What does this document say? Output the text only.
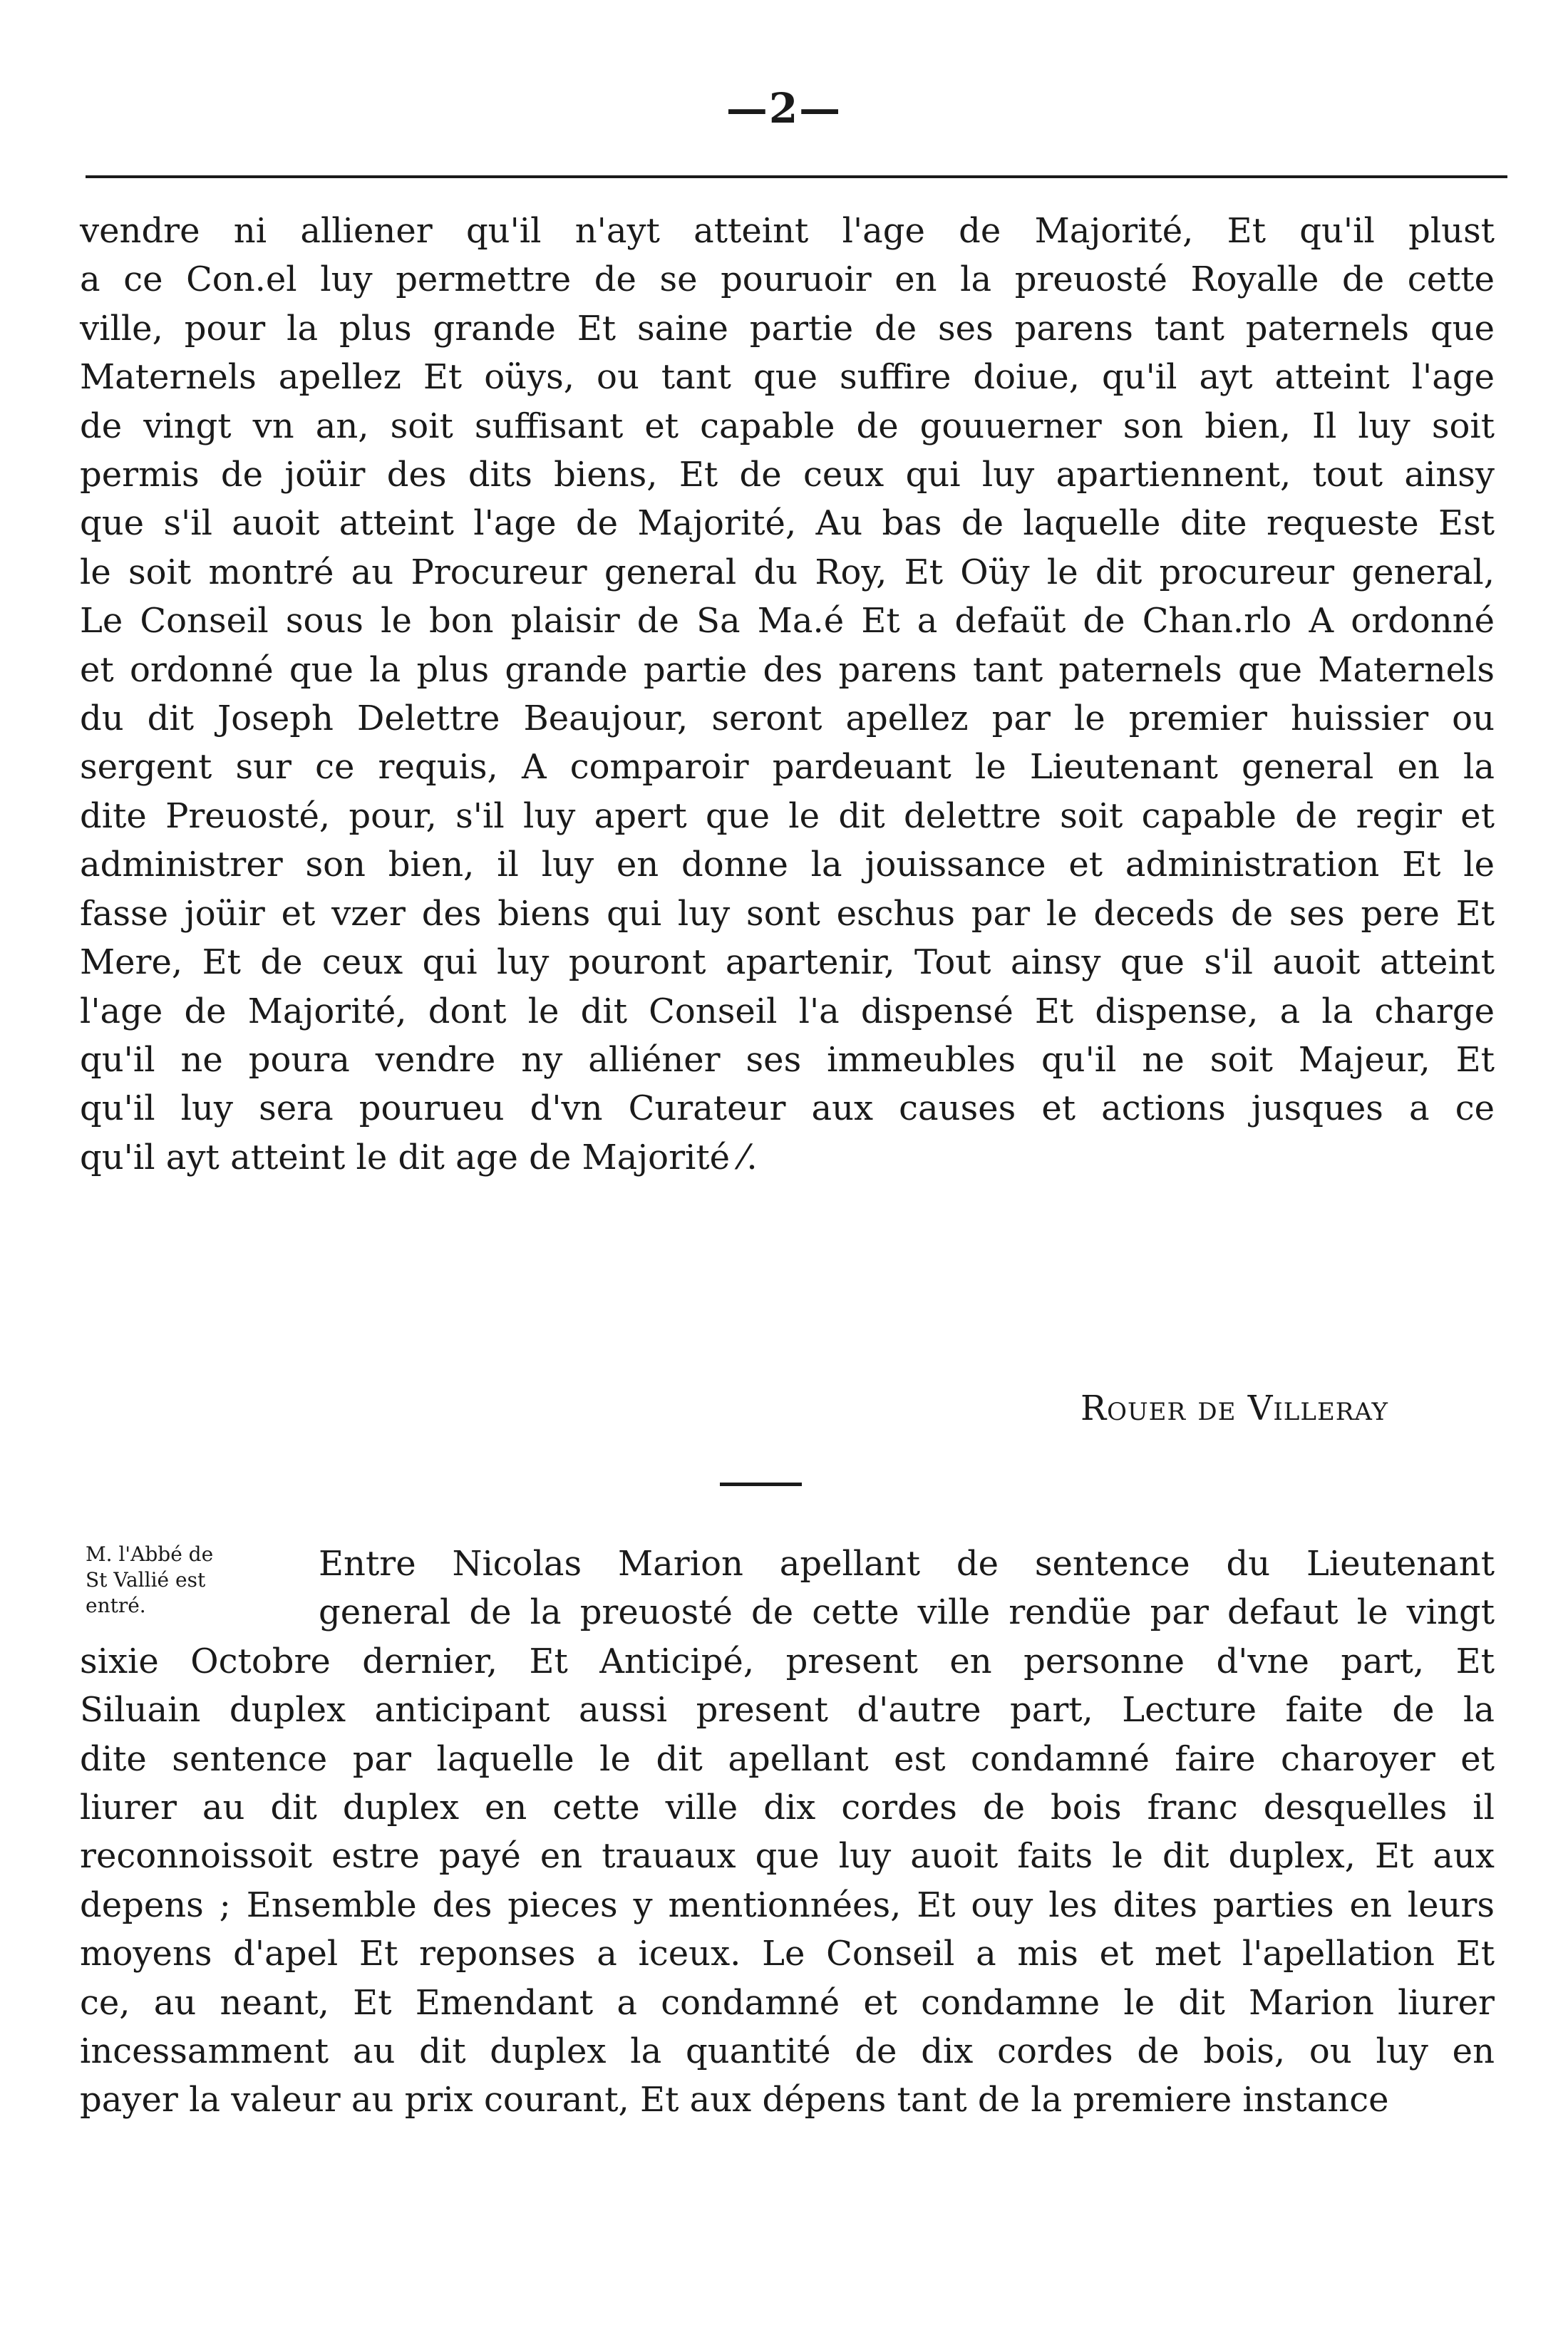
—2—
vendre ni alliener qu'il n'ayt atteint l'age de Majorité, Et qu'il plust
a ce Con.el luy permettre de se pouruoir en la preuosté Royalle de cette
ville, pour la plus grande Et saine partie de ses parens tant paternels que
Maternels apellez Et oüys, ou tant que suffire doiue, qu'il ayt atteint l'age
de vingt vn an, soit suffisant et capable de gouuerner son bien, Il luy soit
permis de joüir des dits biens, Et de ceux qui luy apartiennent, tout ainsy
que s'il auoit atteint l'age de Majorité, Au bas de laquelle dite requeste Est
le soit montré au Procureur general du Roy, Et Oüy le dit procureur general,
Le Conseil sous le bon plaisir de Sa Ma.é Et a defaüt de Chan.rlo A ordonné
et ordonné que la plus grande partie des parens tant paternels que Maternels
du dit Joseph Delettre Beaujour, seront apellez par le premier huissier ou
sergent sur ce requis, A comparoir pardeuant le Lieutenant general en la
dite Preuosté, pour, s'il luy apert que le dit delettre soit capable de regir et
administrer son bien, il luy en donne la jouissance et administration Et le
fasse joüir et vzer des biens qui luy sont eschus par le deceds de ses pere Et
Mere, Et de ceux qui luy pouront apartenir, Tout ainsy que s'il auoit atteint
l'age de Majorité, dont le dit Conseil l'a dispensé Et dispense, a la charge
qu'il ne poura vendre ny alliéner ses immeubles qu'il ne soit Majeur, Et
qu'il luy sera pourueu d'vn Curateur aux causes et actions jusques a ce
qu'il ayt atteint le dit age de Majorité ⁄.
Rouer de Villeray
M. l'Abbé de
St Vallié est
entré.
Entre Nicolas Marion apellant de sentence du Lieutenant
general de la preuosté de cette ville rendüe par defaut le vingt
sixie Octobre dernier, Et Anticipé, present en personne d'vne part, Et
Siluain duplex anticipant aussi present d'autre part, Lecture faite de la
dite sentence par laquelle le dit apellant est condamné faire charoyer et
liurer au dit duplex en cette ville dix cordes de bois franc desquelles il
reconnoissoit estre payé en trauaux que luy auoit faits le dit duplex, Et aux
depens ; Ensemble des pieces y mentionnées, Et ouy les dites parties en leurs
moyens d'apel Et reponses a iceux. Le Conseil a mis et met l'apellation Et
ce, au neant, Et Emendant a condamné et condamne le dit Marion liurer
incessamment au dit duplex la quantité de dix cordes de bois, ou luy en
payer la valeur au prix courant, Et aux dépens tant de la premiere instance
